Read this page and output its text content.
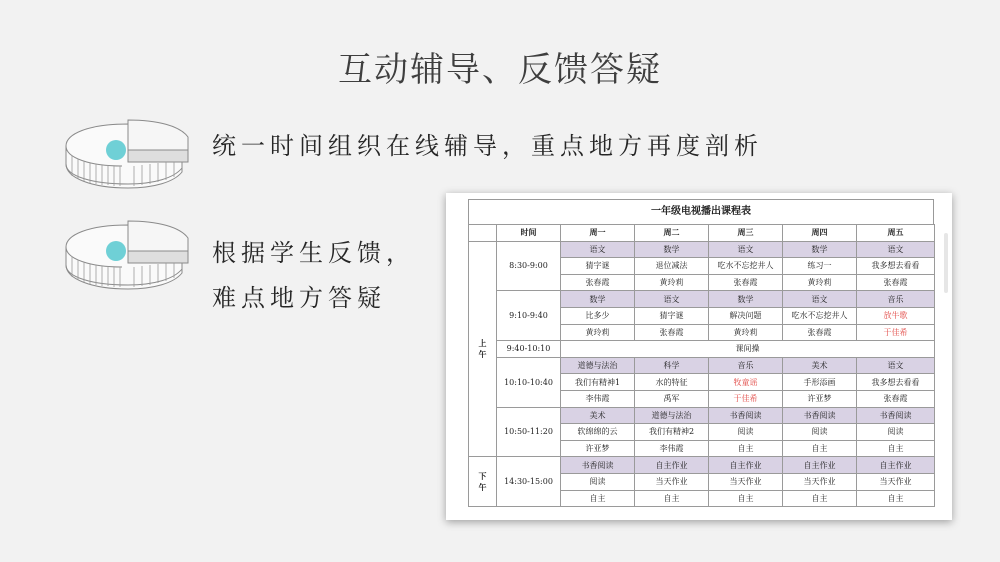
互动辅导、反馈答疑
统一时间组织在线辅导，重点地方再度剖析
根据学生反馈，
难点地方答疑
一年级电视播出课程表
	时间	周一	周二	周三	周四	周五
上
午	8:30-9:00	语文	数学	语文	数学	语文
		猜字谜	退位减法	吃水不忘挖井人	练习一	我多想去看看
		张春霞	黄玲莉	张春霞	黄玲莉	张春霞
	9:10-9:40	数学	语文	数学	语文	音乐
		比多少	猜字谜	解决问题	吃水不忘挖井人	放牛歌
		黄玲莉	张春霞	黄玲莉	张春霞	于佳希
	9:40-10:10	课间操				
	10:10-10:40	道德与法治	科学	音乐	美术	语文
		我们有精神1	水的特征	牧童谣	手形添画	我多想去看看
		李伟霞	禹军	于佳希	许亚梦	张春霞
	10:50-11:20	美术	道德与法治	书香阅读	书香阅读	书香阅读
		软绵绵的云	我们有精神2	阅读	阅读	阅读
		许亚梦	李伟霞	自主	自主	自主
下
午	14:30-15:00	书香阅读	自主作业	自主作业	自主作业	自主作业
		阅读	当天作业	当天作业	当天作业	当天作业
		自主	自主	自主	自主	自主
